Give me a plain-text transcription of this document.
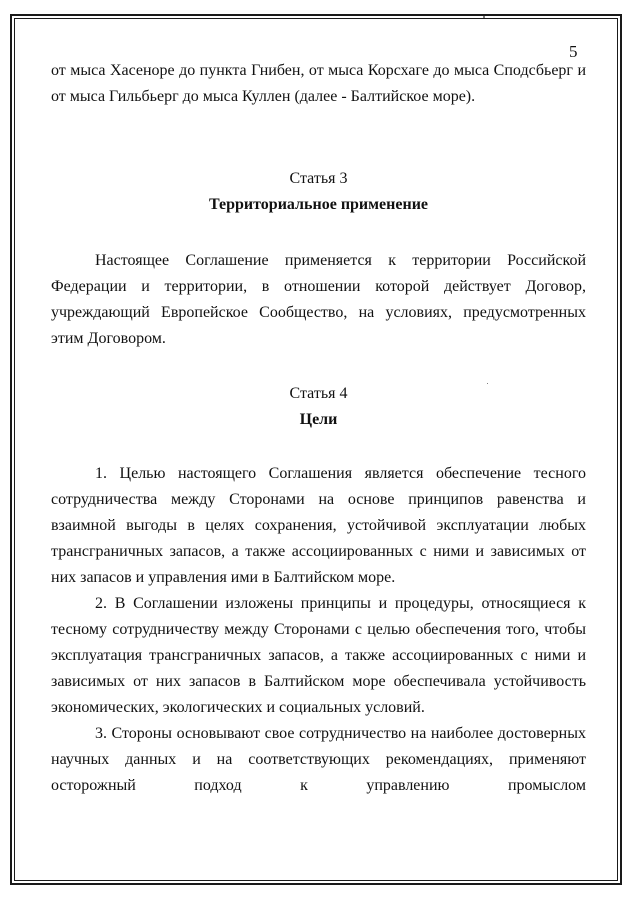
5

от мыса Хасеноре до пункта Гнибен, от мыса Корсхаге до мыса Сподсбьерг и от мыса Гильбьерг до мыса Куллен (далее - Балтийское море).

Статья 3
Территориальное применение

Настоящее Соглашение применяется к территории Российской Федерации и территории, в отношении которой действует Договор, учреждающий Европейское Сообщество, на условиях, предусмотренных этим Договором.

Статья 4
Цели

1. Целью настоящего Соглашения является обеспечение тесного сотрудничества между Сторонами на основе принципов равенства и взаимной выгоды в целях сохранения, устойчивой эксплуатации любых трансграничных запасов, а также ассоциированных с ними и зависимых от них запасов и управления ими в Балтийском море.

2. В Соглашении изложены принципы и процедуры, относящиеся к тесному сотрудничеству между Сторонами с целью обеспечения того, чтобы эксплуатация трансграничных запасов, а также ассоциированных с ними и зависимых от них запасов в Балтийском море обеспечивала устойчивость экономических, экологических и социальных условий.

3. Стороны основывают свое сотрудничество на наиболее достоверных научных данных и на соответствующих рекомендациях, применяют осторожный подход к управлению промыслом
